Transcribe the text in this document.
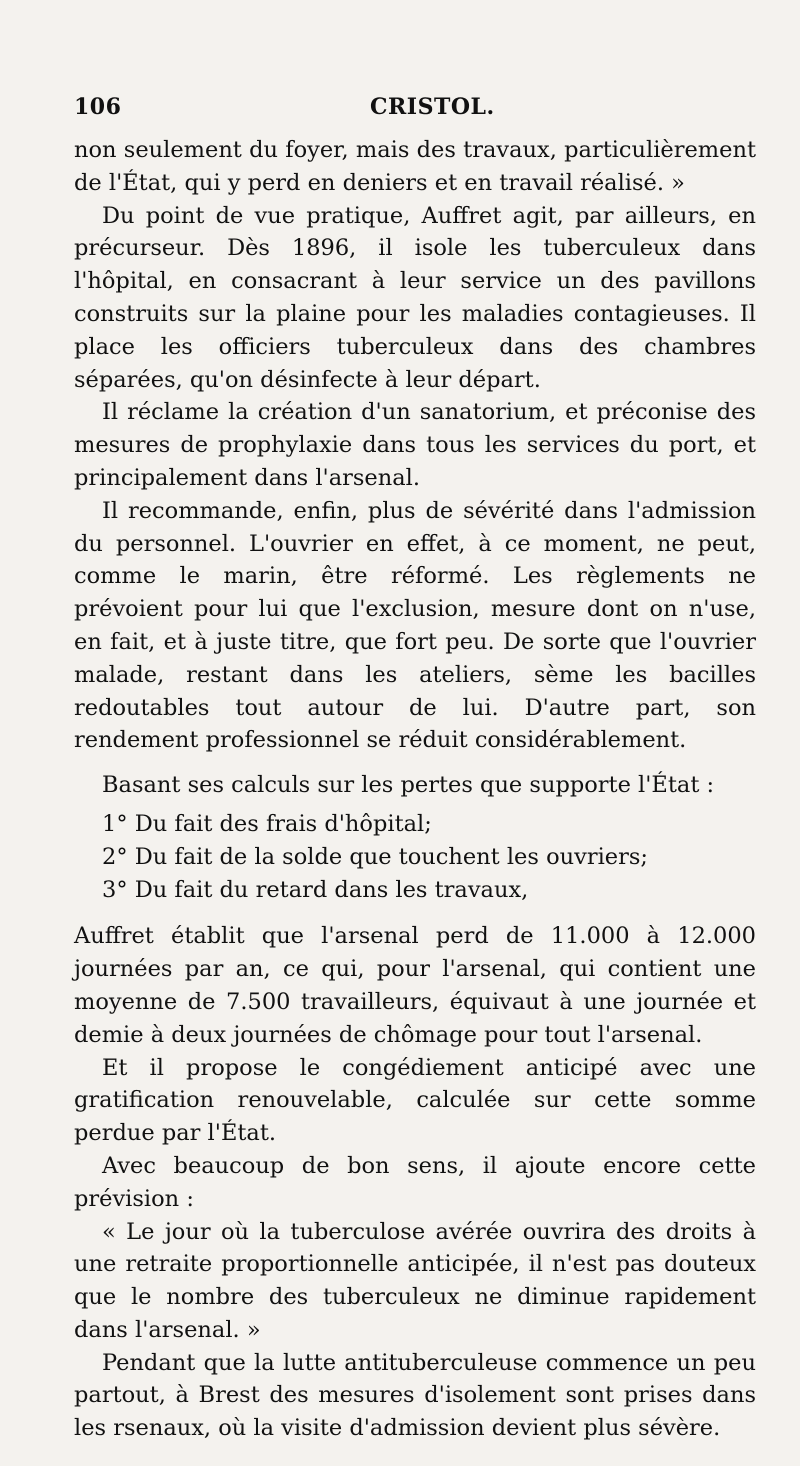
106	CRISTOL.

non seulement du foyer, mais des travaux, particulièrement de l'État, qui y perd en deniers et en travail réalisé. »

Du point de vue pratique, Auffret agit, par ailleurs, en précurseur. Dès 1896, il isole les tuberculeux dans l'hôpital, en consacrant à leur service un des pavillons construits sur la plaine pour les maladies contagieuses. Il place les officiers tuberculeux dans des chambres séparées, qu'on désinfecte à leur départ.

Il réclame la création d'un sanatorium, et préconise des mesures de prophylaxie dans tous les services du port, et principalement dans l'arsenal.

Il recommande, enfin, plus de sévérité dans l'admission du personnel. L'ouvrier en effet, à ce moment, ne peut, comme le marin, être réformé. Les règlements ne prévoient pour lui que l'exclusion, mesure dont on n'use, en fait, et à juste titre, que fort peu. De sorte que l'ouvrier malade, restant dans les ateliers, sème les bacilles redoutables tout autour de lui. D'autre part, son rendement professionnel se réduit considérablement.

Basant ses calculs sur les pertes que supporte l'État :

1° Du fait des frais d'hôpital;
2° Du fait de la solde que touchent les ouvriers;
3° Du fait du retard dans les travaux,

Auffret établit que l'arsenal perd de 11.000 à 12.000 journées par an, ce qui, pour l'arsenal, qui contient une moyenne de 7.500 travailleurs, équivaut à une journée et demie à deux journées de chômage pour tout l'arsenal.

Et il propose le congédiement anticipé avec une gratification renouvelable, calculée sur cette somme perdue par l'État.

Avec beaucoup de bon sens, il ajoute encore cette prévision :

« Le jour où la tuberculose avérée ouvrira des droits à une retraite proportionnelle anticipée, il n'est pas douteux que le nombre des tuberculeux ne diminue rapidement dans l'arsenal. »

Pendant que la lutte antituberculeuse commence un peu partout, à Brest des mesures d'isolement sont prises dans les rsenaux, où la visite d'admission devient plus sévère.
